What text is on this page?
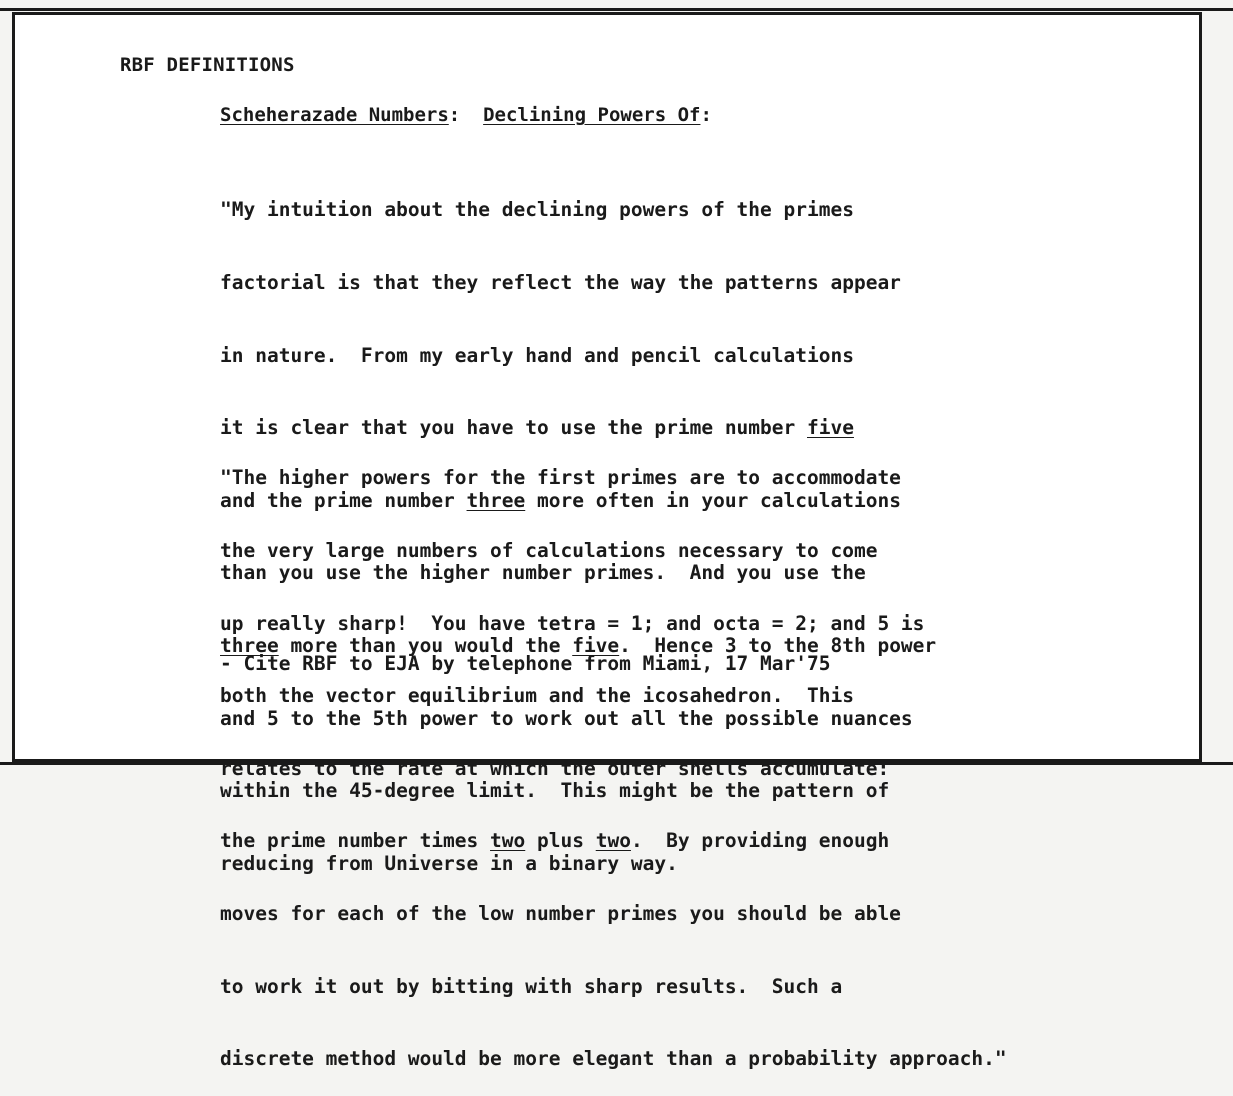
RBF DEFINITIONS
Scheherazade Numbers:  Declining Powers Of:

"My intuition about the declining powers of the primes

factorial is that they reflect the way the patterns appear

in nature.  From my early hand and pencil calculations

it is clear that you have to use the prime number five

and the prime number three more often in your calculations

than you use the higher number primes.  And you use the

three more than you would the five.  Hence 3 to the 8th power

and 5 to the 5th power to work out all the possible nuances

within the 45-degree limit.  This might be the pattern of

reducing from Universe in a binary way.

"The higher powers for the first primes are to accommodate

the very large numbers of calculations necessary to come

up really sharp!  You have tetra = 1; and octa = 2; and 5 is

both the vector equilibrium and the icosahedron.  This

relates to the rate at which the outer shells accumulate:

the prime number times two plus two.  By providing enough

moves for each of the low number primes you should be able

to work it out by bitting with sharp results.  Such a

discrete method would be more elegant than a probability approach."

- Cite RBF to EJA by telephone from Miami, 17 Mar'75
